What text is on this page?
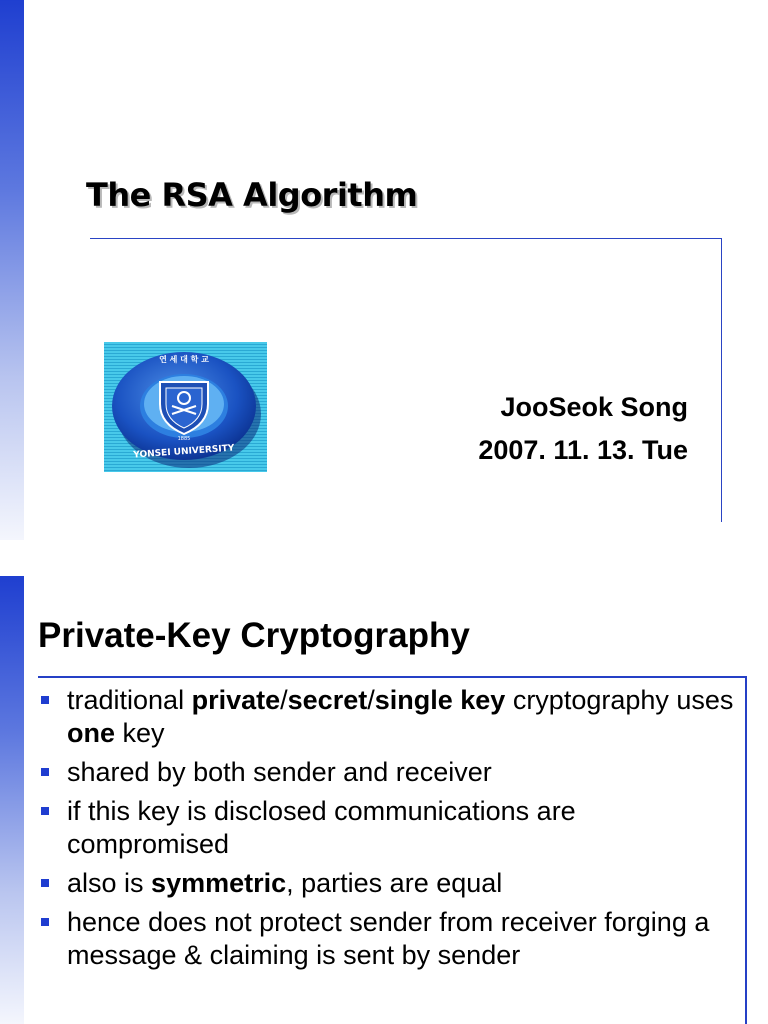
The RSA Algorithm
YONSEI UNIVERSITY
연 세 대 학 교
1885

JooSeok Song

2007. 11. 13. Tue

Private-Key Cryptography
traditional private/secret/single key cryptography uses one key
shared by both sender and receiver
if this key is disclosed communications are compromised
also is symmetric, parties are equal
hence does not protect sender from receiver forging a message & claiming is sent by sender
